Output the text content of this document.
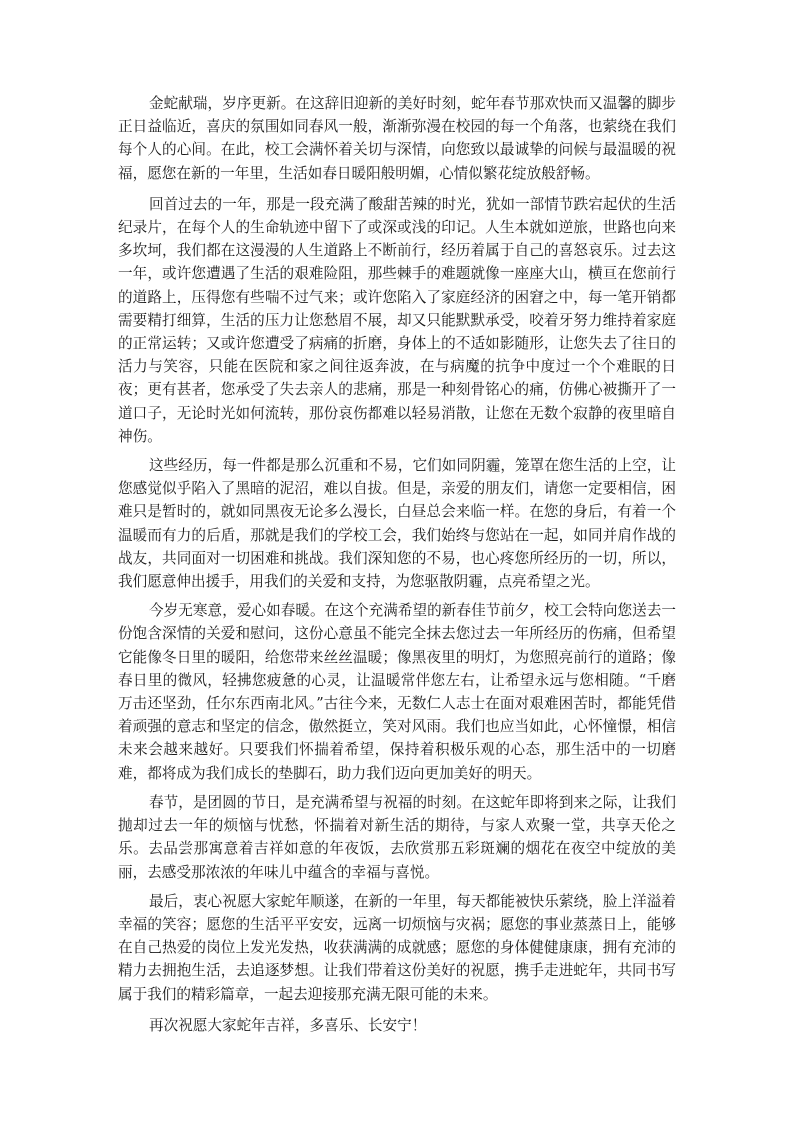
金蛇献瑞，岁序更新。在这辞旧迎新的美好时刻，蛇年春节那欢快而又温馨的脚步正日益临近，喜庆的氛围如同春风一般，渐渐弥漫在校园的每一个角落，也萦绕在我们每个人的心间。在此，校工会满怀着关切与深情，向您致以最诚挚的问候与最温暖的祝福，愿您在新的一年里，生活如春日暖阳般明媚，心情似繁花绽放般舒畅。

回首过去的一年，那是一段充满了酸甜苦辣的时光，犹如一部情节跌宕起伏的生活纪录片，在每个人的生命轨迹中留下了或深或浅的印记。人生本就如逆旅，世路也向来多坎坷，我们都在这漫漫的人生道路上不断前行，经历着属于自己的喜怒哀乐。过去这一年，或许您遭遇了生活的艰难险阻，那些棘手的难题就像一座座大山，横亘在您前行的道路上，压得您有些喘不过气来；或许您陷入了家庭经济的困窘之中，每一笔开销都需要精打细算，生活的压力让您愁眉不展，却又只能默默承受，咬着牙努力维持着家庭的正常运转；又或许您遭受了病痛的折磨，身体上的不适如影随形，让您失去了往日的活力与笑容，只能在医院和家之间往返奔波，在与病魔的抗争中度过一个个难眠的日夜；更有甚者，您承受了失去亲人的悲痛，那是一种刻骨铭心的痛，仿佛心被撕开了一道口子，无论时光如何流转，那份哀伤都难以轻易消散，让您在无数个寂静的夜里暗自神伤。

这些经历，每一件都是那么沉重和不易，它们如同阴霾，笼罩在您生活的上空，让您感觉似乎陷入了黑暗的泥沼，难以自拔。但是，亲爱的朋友们，请您一定要相信，困难只是暂时的，就如同黑夜无论多么漫长，白昼总会来临一样。在您的身后，有着一个温暖而有力的后盾，那就是我们的学校工会，我们始终与您站在一起，如同并肩作战的战友，共同面对一切困难和挑战。我们深知您的不易，也心疼您所经历的一切，所以，我们愿意伸出援手，用我们的关爱和支持，为您驱散阴霾，点亮希望之光。

今岁无寒意，爱心如春暖。在这个充满希望的新春佳节前夕，校工会特向您送去一份饱含深情的关爱和慰问，这份心意虽不能完全抹去您过去一年所经历的伤痛，但希望它能像冬日里的暖阳，给您带来丝丝温暖；像黑夜里的明灯，为您照亮前行的道路；像春日里的微风，轻拂您疲惫的心灵，让温暖常伴您左右，让希望永远与您相随。“千磨万击还坚劲，任尔东西南北风。”古往今来，无数仁人志士在面对艰难困苦时，都能凭借着顽强的意志和坚定的信念，傲然挺立，笑对风雨。我们也应当如此，心怀憧憬，相信未来会越来越好。只要我们怀揣着希望，保持着积极乐观的心态，那生活中的一切磨难，都将成为我们成长的垫脚石，助力我们迈向更加美好的明天。

春节，是团圆的节日，是充满希望与祝福的时刻。在这蛇年即将到来之际，让我们抛却过去一年的烦恼与忧愁，怀揣着对新生活的期待，与家人欢聚一堂，共享天伦之乐。去品尝那寓意着吉祥如意的年夜饭，去欣赏那五彩斑斓的烟花在夜空中绽放的美丽，去感受那浓浓的年味儿中蕴含的幸福与喜悦。

最后，衷心祝愿大家蛇年顺遂，在新的一年里，每天都能被快乐萦绕，脸上洋溢着幸福的笑容；愿您的生活平平安安，远离一切烦恼与灾祸；愿您的事业蒸蒸日上，能够在自己热爱的岗位上发光发热，收获满满的成就感；愿您的身体健健康康，拥有充沛的精力去拥抱生活，去追逐梦想。让我们带着这份美好的祝愿，携手走进蛇年，共同书写属于我们的精彩篇章，一起去迎接那充满无限可能的未来。

再次祝愿大家蛇年吉祥，多喜乐、长安宁！
